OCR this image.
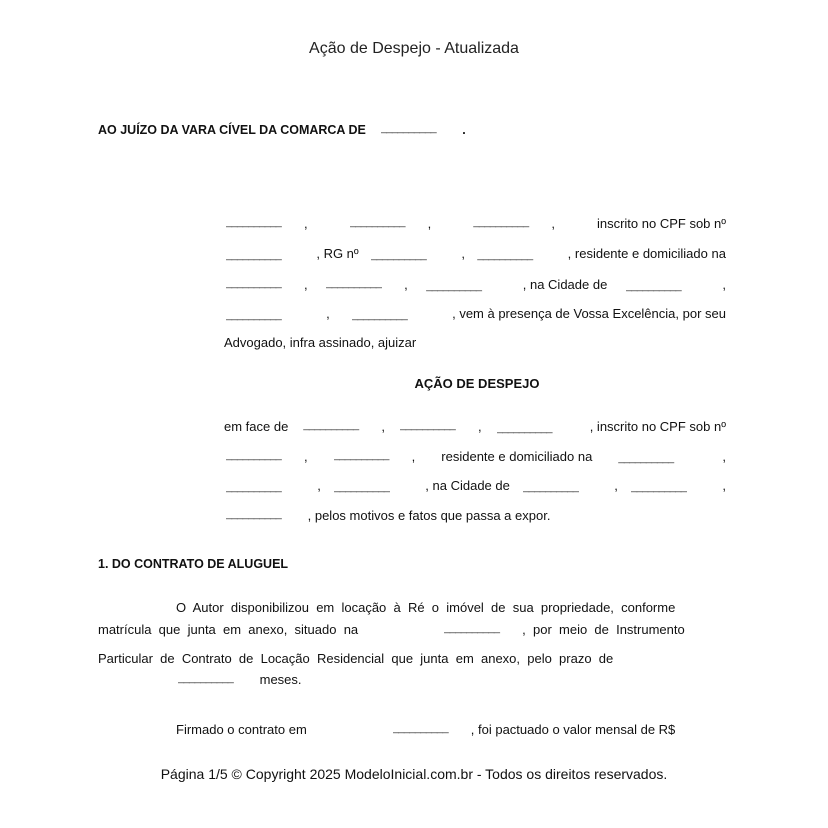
Ação de Despejo - Atualizada
AO JUÍZO DA VARA CÍVEL DA COMARCA DE __________ .
__________ ,	__________ ,	__________ ,	inscrito no CPF sob nº
__________	, RG nº __________	, __________	, residente e domiciliado na
__________ , __________ , __________	, na Cidade de __________	,
__________	, __________	, vem à presença de Vossa Excelência, por seu
Advogado, infra assinado, ajuizar
AÇÃO DE DESPEJO
em face de __________ , __________ , __________	, inscrito no CPF sob nº
__________ , __________ , residente e domiciliado na __________	,
__________	, __________	, na Cidade de __________	, __________	,
__________ , pelos motivos e fatos que passa a expor.
1. DO CONTRATO DE ALUGUEL
O  Autor  disponibilizou  em  locação  à  Ré  o  imóvel  de  sua  propriedade,  conforme
matrícula  que  junta  em  anexo,  situado  na	__________ ,  por  meio  de  Instrumento
Particular  de  Contrato  de  Locação  Residencial  que  junta  em  anexo,  pelo  prazo  de
__________ meses.
Firmado o contrato em	__________ , foi pactuado o valor mensal de R$
Página 1/5 © Copyright 2025 ModeloInicial.com.br - Todos os direitos reservados.
